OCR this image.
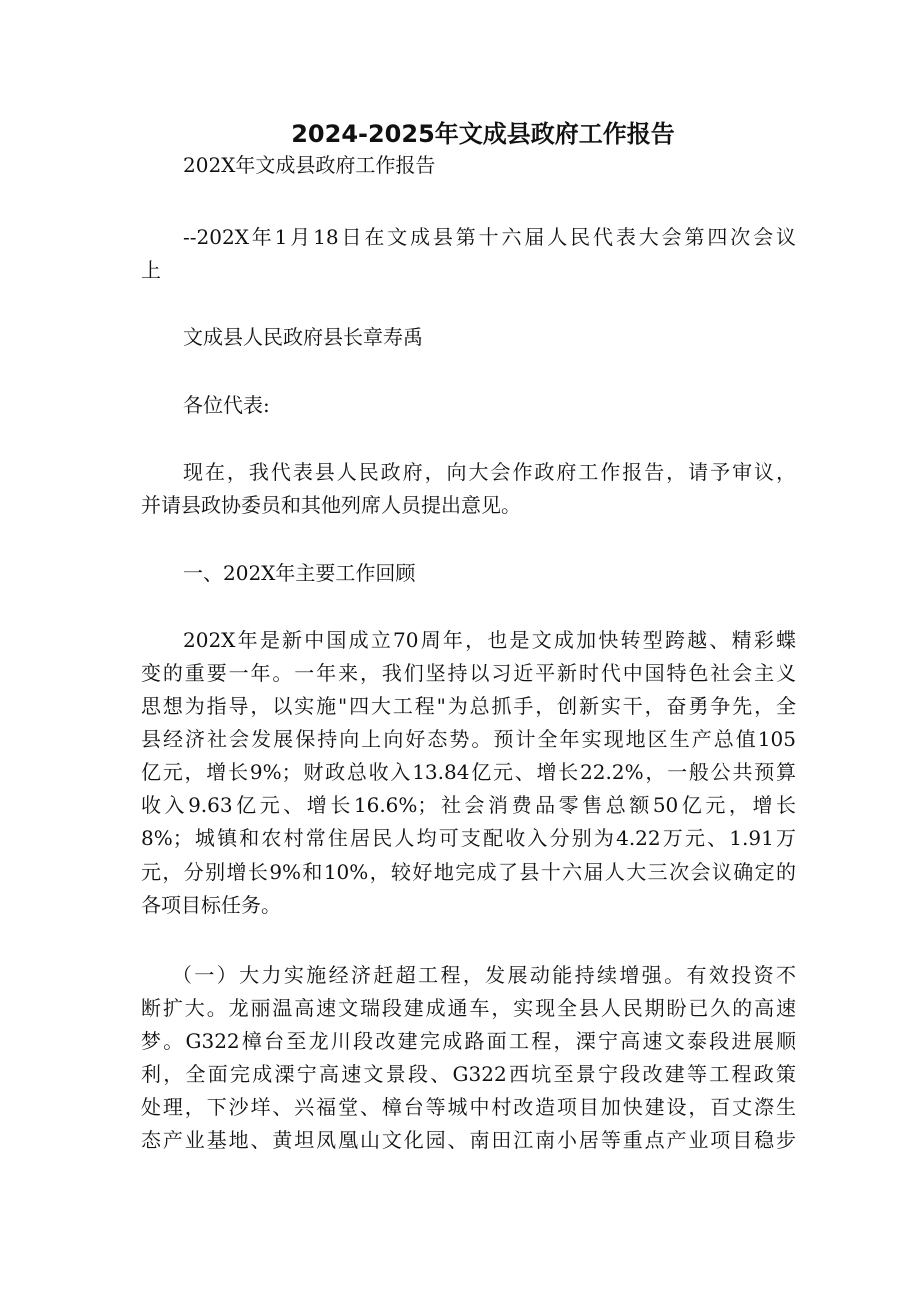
2024-2025年文成县政府工作报告
202X年文成县政府工作报告
--202X年1月18日在文成县第十六届人民代表大会第四次会议
上
文成县人民政府县长章寿禹
各位代表:
现在，我代表县人民政府，向大会作政府工作报告，请予审议，
并请县政协委员和其他列席人员提出意见。
一、202X年主要工作回顾
202X年是新中国成立70周年，也是文成加快转型跨越、精彩蝶
变的重要一年。一年来，我们坚持以习近平新时代中国特色社会主义
思想为指导，以实施"四大工程"为总抓手，创新实干，奋勇争先，全
县经济社会发展保持向上向好态势。预计全年实现地区生产总值105
亿元，增长9%；财政总收入13.84亿元、增长22.2%，一般公共预算
收入9.63亿元、增长16.6%；社会消费品零售总额50亿元，增长
8%；城镇和农村常住居民人均可支配收入分别为4.22万元、1.91万
元，分别增长9%和10%，较好地完成了县十六届人大三次会议确定的
各项目标任务。
（一）大力实施经济赶超工程，发展动能持续增强。有效投资不
断扩大。龙丽温高速文瑞段建成通车，实现全县人民期盼已久的高速
梦。G322樟台至龙川段改建完成路面工程，溧宁高速文泰段进展顺
利，全面完成溧宁高速文景段、G322西坑至景宁段改建等工程政策
处理，下沙垟、兴福堂、樟台等城中村改造项目加快建设，百丈漈生
态产业基地、黄坦凤凰山文化园、南田江南小居等重点产业项目稳步
